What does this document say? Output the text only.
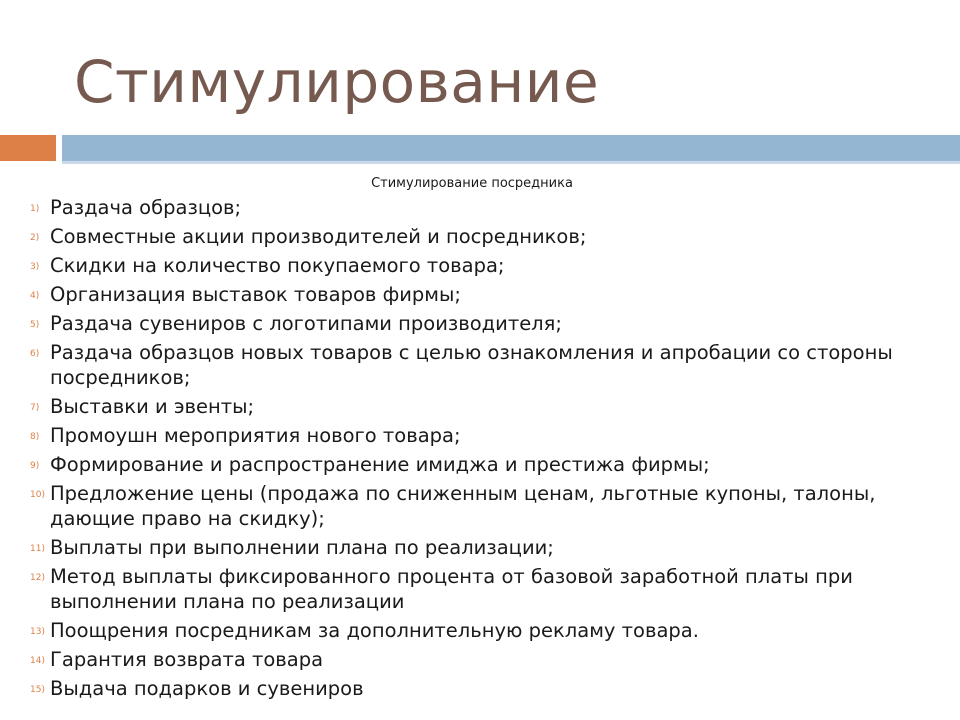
Стимулирование
Стимулирование посредника
1) Раздача образцов;
2) Совместные акции производителей и посредников;
3) Скидки на количество покупаемого товара;
4) Организация выставок товаров фирмы;
5) Раздача сувениров с логотипами производителя;
6) Раздача образцов новых товаров с целью ознакомления и апробации со стороны посредников;
7) Выставки и эвенты;
8) Промоушн мероприятия нового товара;
9) Формирование и распространение имиджа и престижа фирмы;
10) Предложение цены (продажа по сниженным ценам, льготные купоны, талоны, дающие право на скидку);
11) Выплаты при выполнении плана по реализации;
12) Метод выплаты фиксированного процента от базовой заработной платы при выполнении плана по реализации
13) Поощрения посредникам за дополнительную рекламу товара.
14) Гарантия возврата товара
15) Выдача подарков и сувениров
